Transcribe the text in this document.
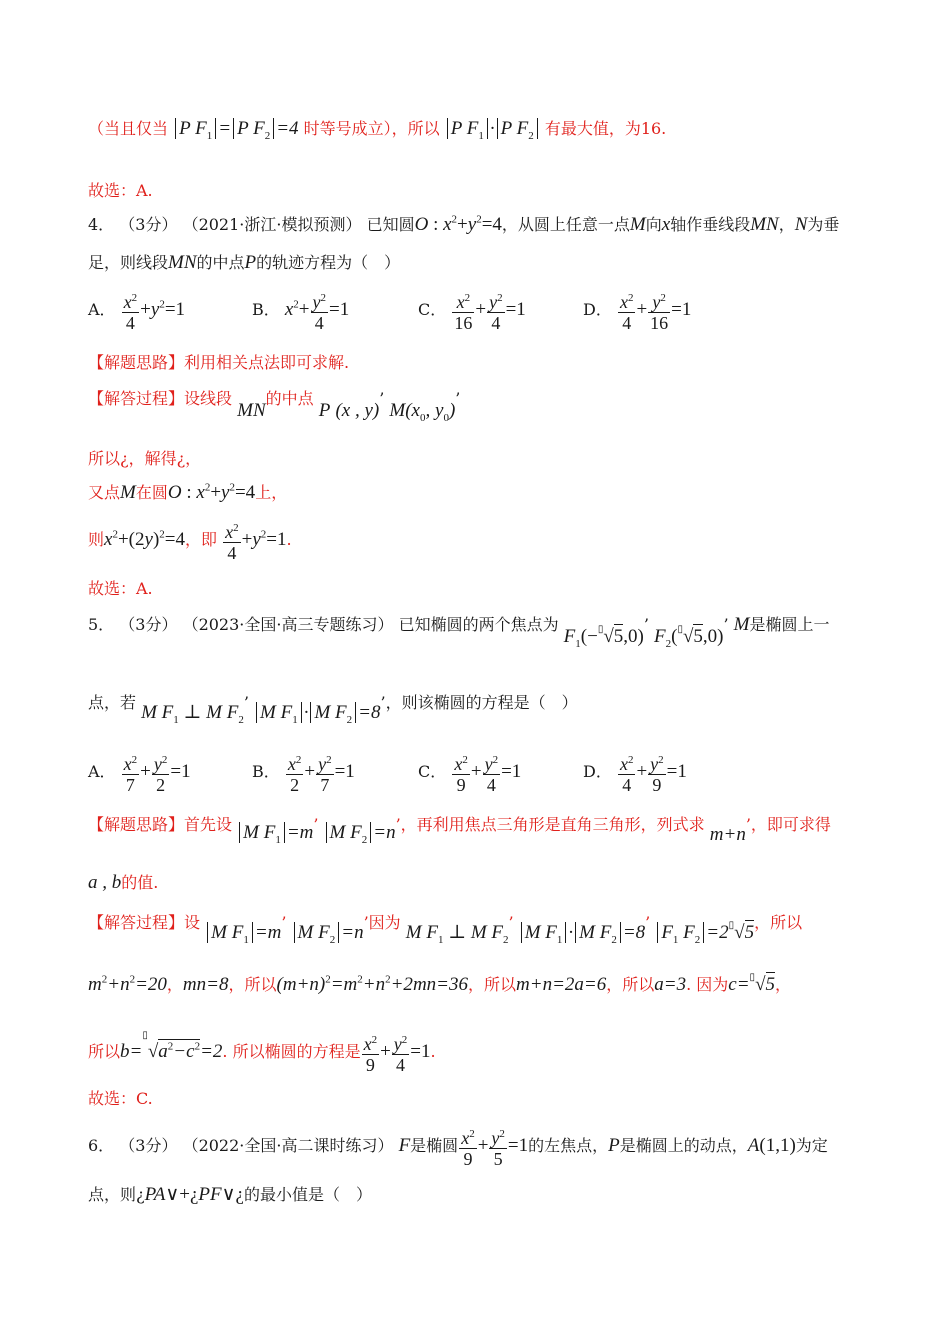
（当且仅当 P $F_1 = P$ $F_2 =4$ 时等号成立），所以 P $F_1 \cdot P$ $F_2$ 有最大值，为16.
故选：A.
4． （3分） （2021·浙江·模拟预测） 已知圆O : $x^2+y^2=4$，从圆上任意一点M向x轴作垂线段MN，N为垂
足，则线段MN的中点P的轨迹方程为（　）
A． $\frac{x^2}{4} +y^2=1$	B． $x^2+ \frac{y^2}{4} =1$	C． $\frac{x^2}{16} + \frac{y^2}{4} =1$	D． $\frac{x^2}{4} + \frac{y^2}{16} =1$
【解题思路】利用相关点法即可求解.
【解答过程】设线段 MN的中点 P (x , y)’ $M(x_0$, $y_0$)’
所以¿，解得¿，
又点M在圆O : $x^2+y^2=4$上，
则$x^2+(2y)^2=4$，即 $\frac{x^2}{4} +y^2=1$.
故选：A.
5． （3分） （2023·全国·高三专题练习） 已知椭圆的两个焦点为 $F_1(-^▯√5,0)$’ $F_2(^▯√5,0)$’ M是椭圆上一
点，若 M $F_1$ ⊥ M $F_2$’ M $F_1 \cdot M$ $F_2 =8$’，则该椭圆的方程是（　）
A． $\frac{x^2}{7} + \frac{y^2}{2} =1$	B． $\frac{x^2}{2} + \frac{y^2}{7} =1$	C． $\frac{x^2}{9} + \frac{y^2}{4} =1$	D． $\frac{x^2}{4} + \frac{y^2}{9} =1$
【解题思路】首先设 M $F_1 =m$’ M $F_2 =n$’，再利用焦点三角形是直角三角形，列式求 m+n’，即可求得
a , b的值.
【解答过程】设 M $F_1 =m$’ M $F_2 =n$’因为 M $F_1$ ⊥ M $F_2$’ M $F_1 \cdot M$ $F_2 =8$’ $F_1$ $F_2 =2^▯√5$，所以
$m^2+n^2=20$，mn=8，所以$(m+n)^2=m^2+n^2+2mn=36$，所以m+n=2a=6，所以a=3. 因为c=▯√5，
所以$b=^▯√a^2-c^2=2$. 所以椭圆的方程是 $\frac{x^2}{9} + \frac{y^2}{4} =1$.
故选：C.
6． （3分） （2022·全国·高二课时练习） F是椭圆 $\frac{x^2}{9} + \frac{y^2}{5} =1$的左焦点，P是椭圆上的动点，A(1,1)为定
点，则¿PA∨+¿PF∨¿的最小值是（　）
